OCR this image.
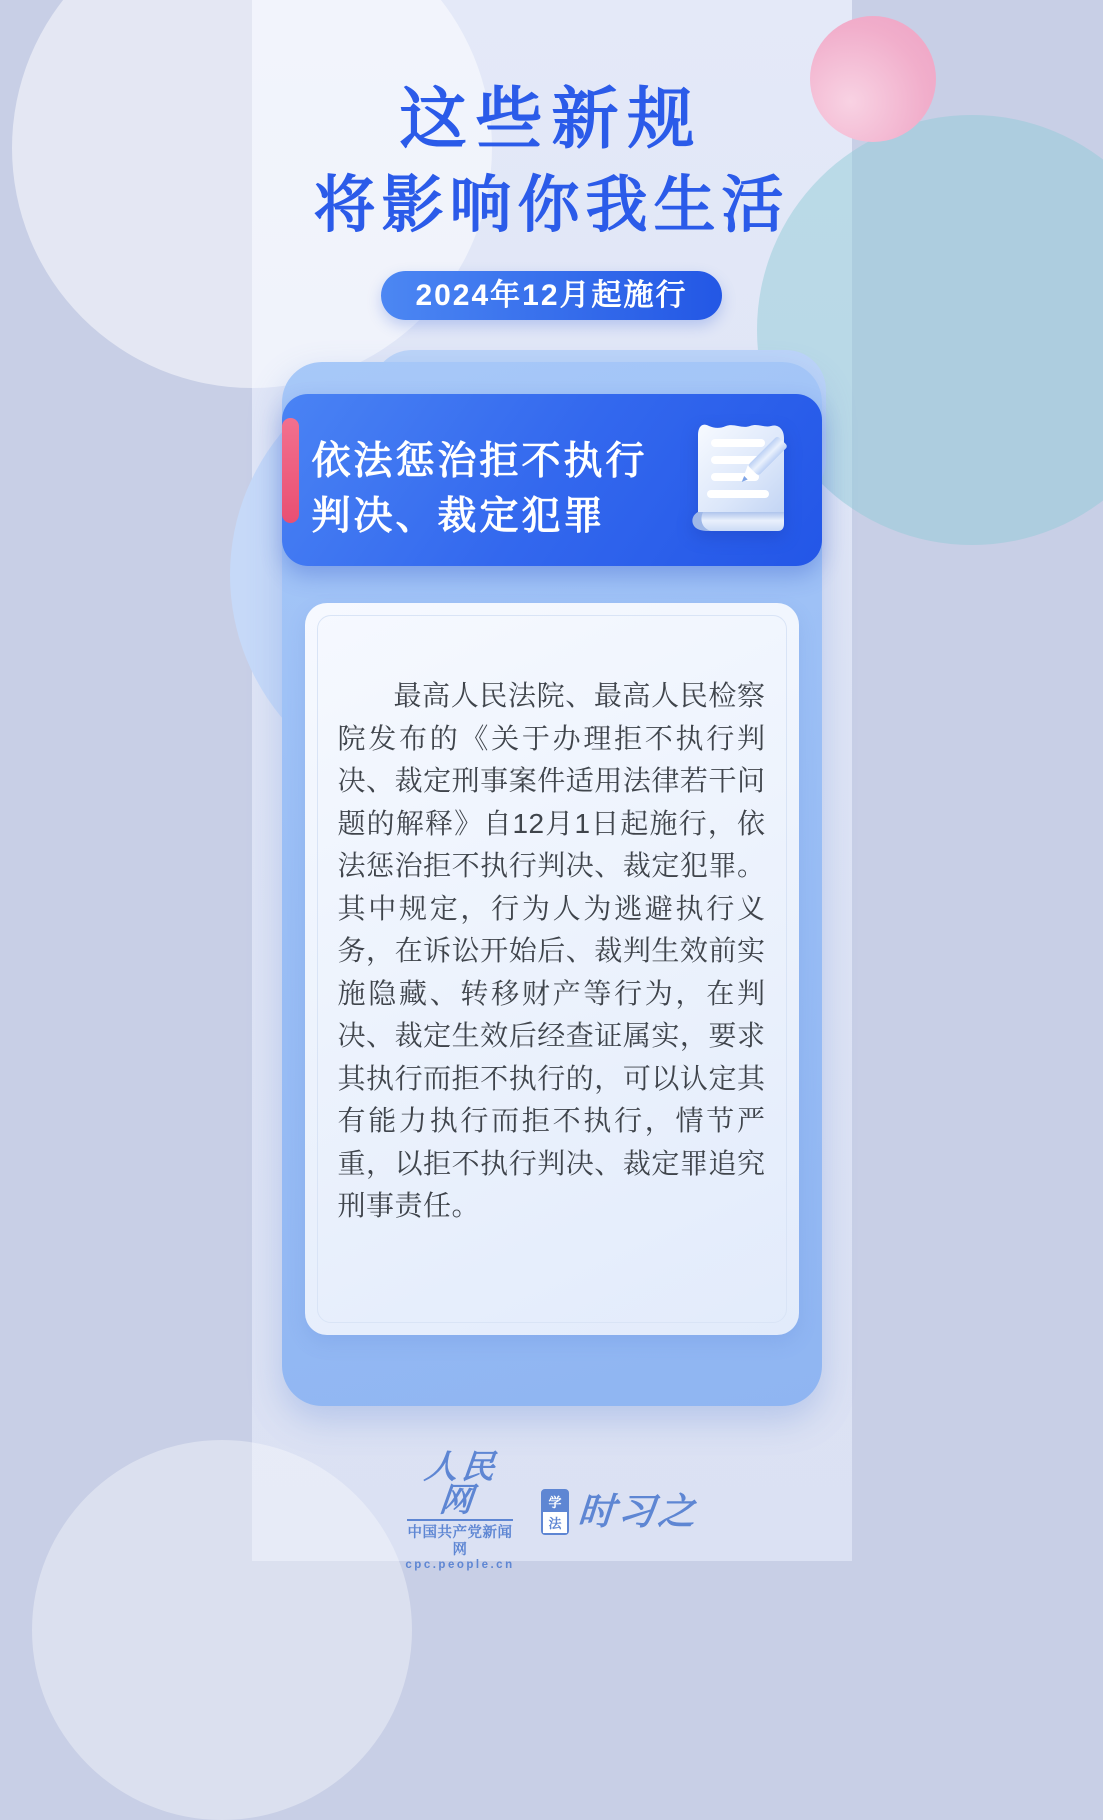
这些新规
将影响你我生活
2024年12月起施行
依法惩治拒不执行
判决、裁定犯罪

最高人民法院、最高人民检察院发布的《关于办理拒不执行判决、裁定刑事案件适用法律若干问题的解释》自12月1日起施行，依法惩治拒不执行判决、裁定犯罪。其中规定，行为人为逃避执行义务，在诉讼开始后、裁判生效前实施隐藏、转移财产等行为，在判决、裁定生效后经查证属实，要求其执行而拒不执行的，可以认定其有能力执行而拒不执行，情节严重，以拒不执行判决、裁定罪追究刑事责任。

人民网
中国共产党新闻网
cpc.people.cn
学
法 时习之
